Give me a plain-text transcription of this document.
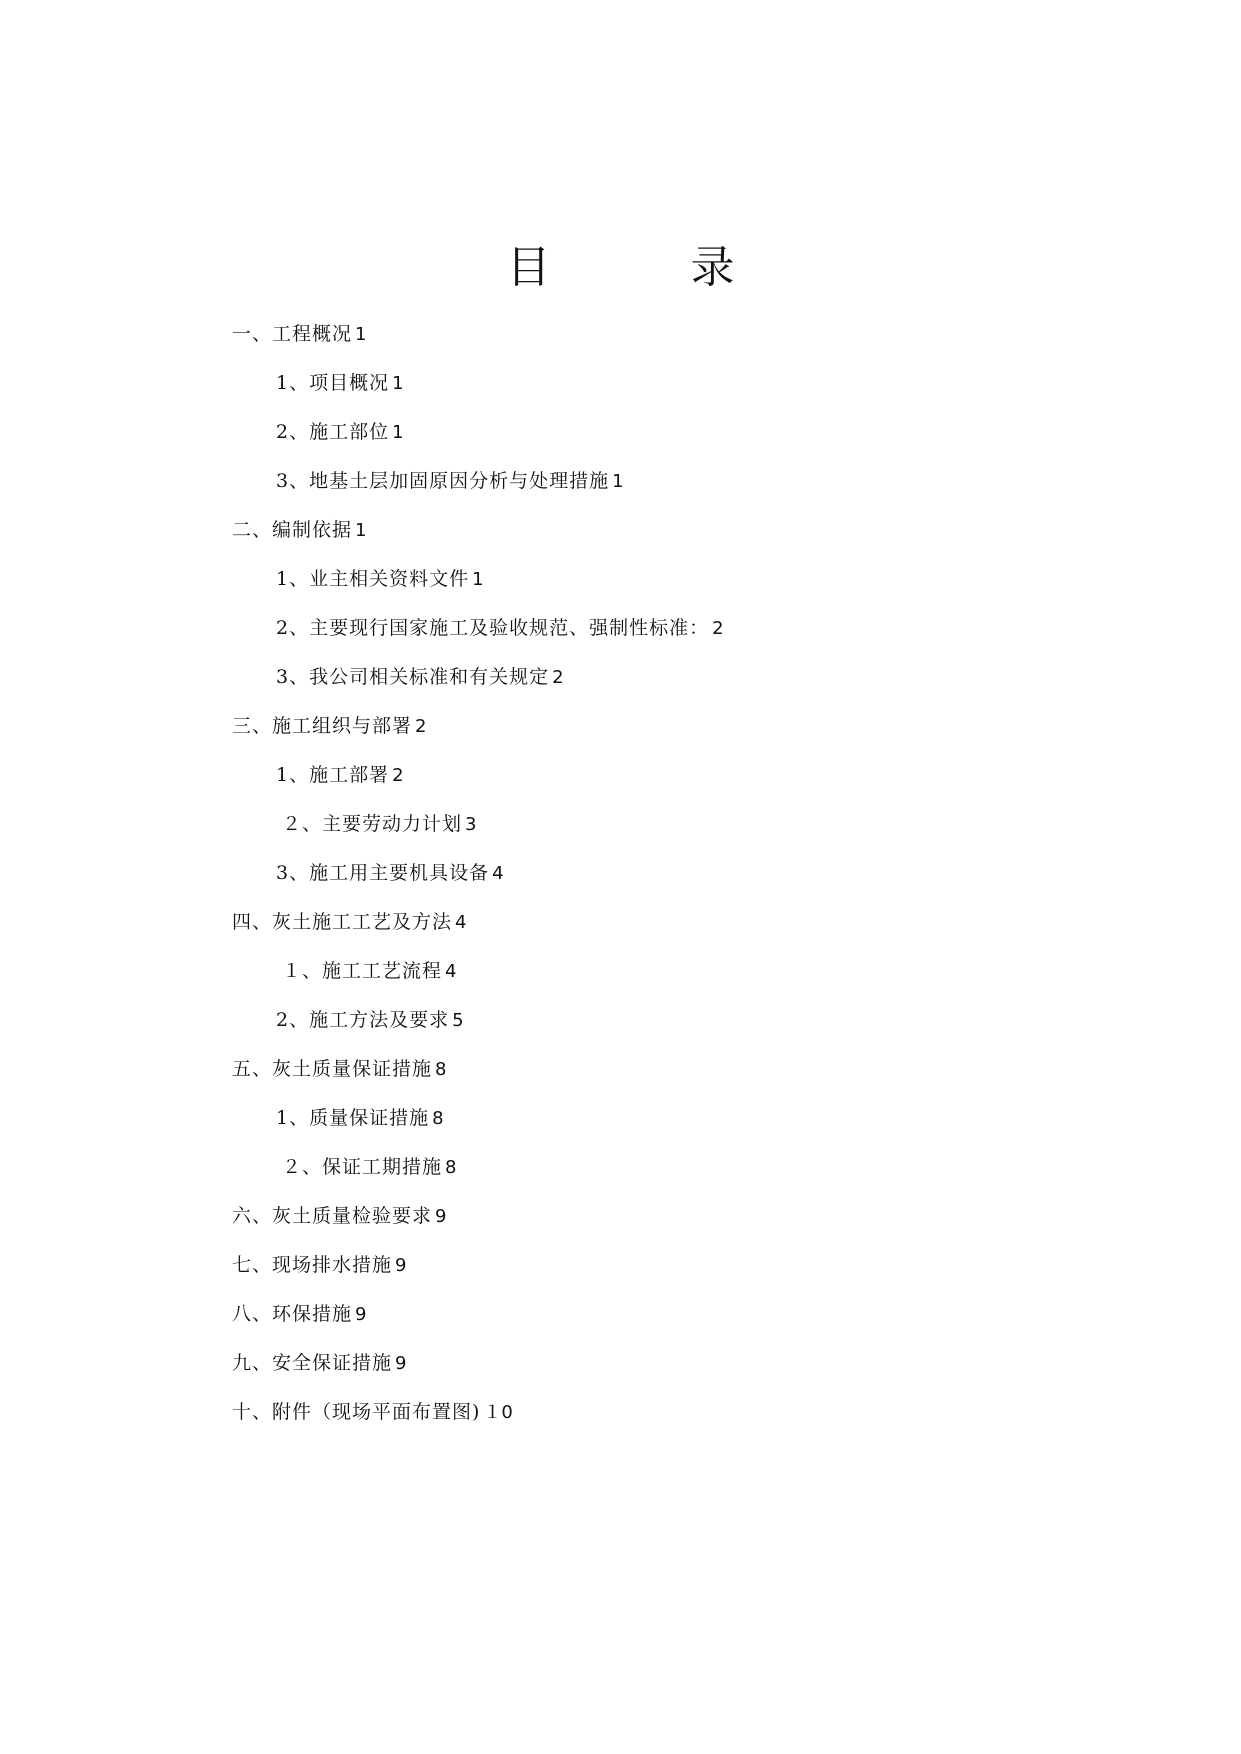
目　录
一、工程概况 1
1、项目概况 1
2、施工部位 1
3、地基土层加固原因分析与处理措施 1
二、编制依据 1
1、业主相关资料文件 1
2、主要现行国家施工及验收规范、强制性标准： 2
3、我公司相关标准和有关规定 2
三、施工组织与部署 2
1、施工部署 2
２、主要劳动力计划 3
3、施工用主要机具设备 4
四、灰土施工工艺及方法 4
１、施工工艺流程 4
2、施工方法及要求 5
五、灰土质量保证措施 8
1、质量保证措施 8
２、保证工期措施 8
六、灰土质量检验要求 9
七、现场排水措施 9
八、环保措施 9
九、安全保证措施 9
十、附件（现场平面布置图) １0
